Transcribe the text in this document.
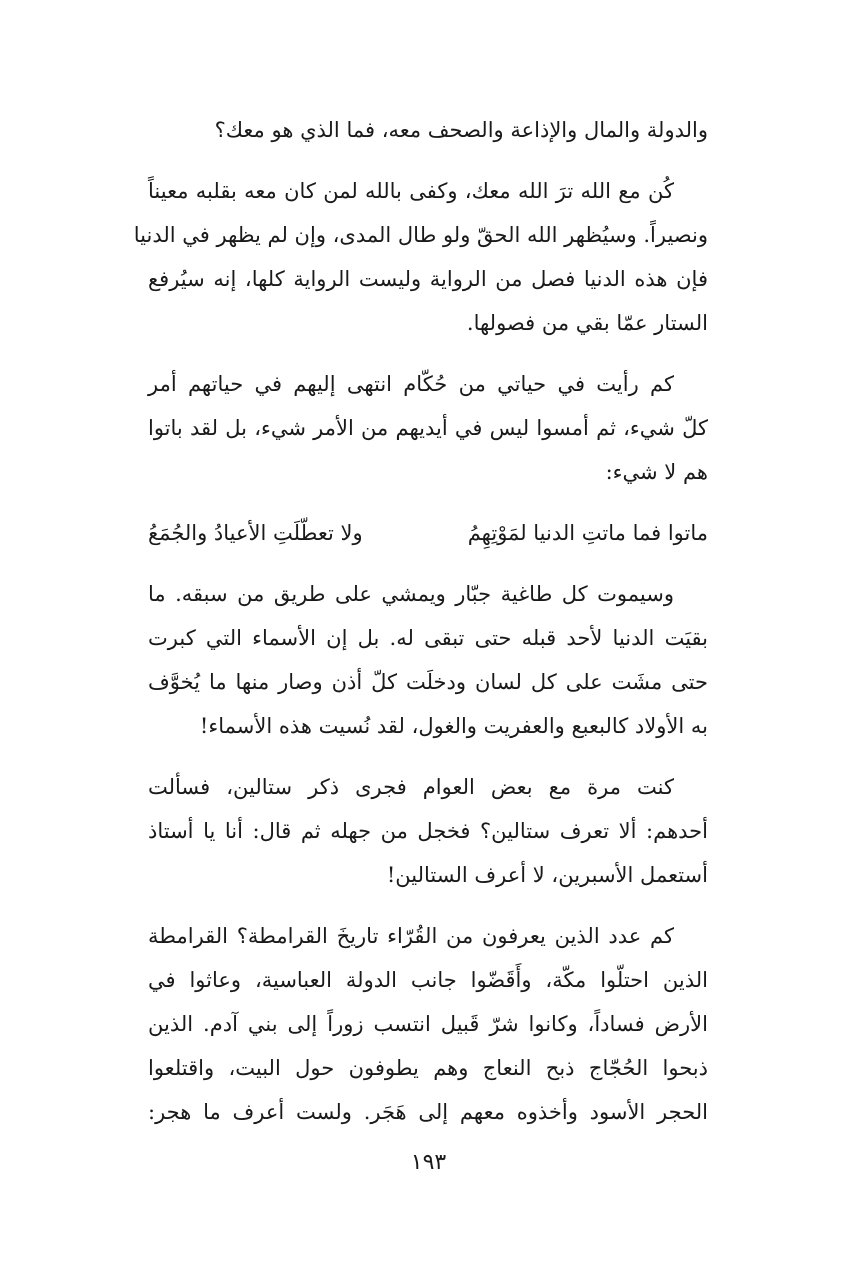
والدولة والمال والإذاعة والصحف معه، فما الذي هو معك؟

كُن مع الله ترَ الله معك، وكفى بالله لمن كان معه بقلبه معيناً
ونصيراً. وسيُظهر الله الحقّ ولو طال المدى، وإن لم يظهر في الدنيا
فإن هذه الدنيا فصل من الرواية وليست الرواية كلها، إنه سيُرفع
الستار عمّا بقي من فصولها.

كم رأيت في حياتي من حُكّام انتهى إليهم في حياتهم أمر
كلّ شيء، ثم أمسوا ليس في أيديهم من الأمر شيء، بل لقد باتوا
هم لا شيء:

ماتوا فما ماتتِ الدنيا لمَوْتِهِمُ
ولا تعطّلَتِ الأعيادُ والجُمَعُ

وسيموت كل طاغية جبّار ويمشي على طريق من سبقه. ما
بقيَت الدنيا لأحد قبله حتى تبقى له. بل إن الأسماء التي كبرت
حتى مشَت على كل لسان ودخلَت كلّ أذن وصار منها ما يُخوَّف
به الأولاد كالبعبع والعفريت والغول، لقد نُسيت هذه الأسماء!

كنت مرة مع بعض العوام فجرى ذكر ستالين، فسألت
أحدهم: ألا تعرف ستالين؟ فخجل من جهله ثم قال: أنا يا أستاذ
أستعمل الأسبرين، لا أعرف الستالين!

كم عدد الذين يعرفون من القُرّاء تاريخَ القرامطة؟ القرامطة
الذين احتلّوا مكّة، وأَقَضّوا جانب الدولة العباسية، وعاثوا في
الأرض فساداً، وكانوا شرّ قَبيل انتسب زوراً إلى بني آدم. الذين
ذبحوا الحُجّاج ذبح النعاج وهم يطوفون حول البيت، واقتلعوا
الحجر الأسود وأخذوه معهم إلى هَجَر. ولست أعرف ما هجر:

١٩٣
